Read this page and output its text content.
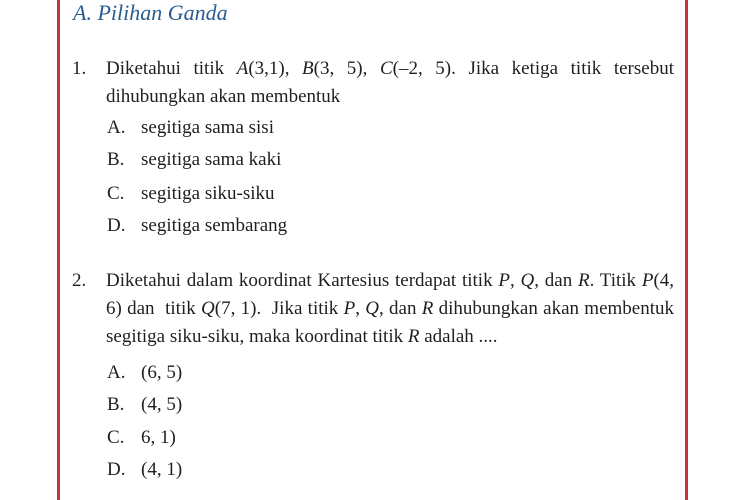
A. Pilihan Ganda
1. Diketahui titik A(3,1), B(3, 5), C(–2, 5). Jika ketiga titik tersebut dihubungkan akan membentuk
A. segitiga sama sisi
B. segitiga sama kaki
C. segitiga siku-siku
D. segitiga sembarang
2. Diketahui dalam koordinat Kartesius terdapat titik P, Q, dan R. Titik P(4, 6) dan  titik Q(7, 1).  Jika titik P, Q, dan R dihubungkan akan membentuk segitiga siku-siku, maka koordinat titik R adalah ....
A. (6, 5)
B. (4, 5)
C. 6, 1)
D. (4, 1)
